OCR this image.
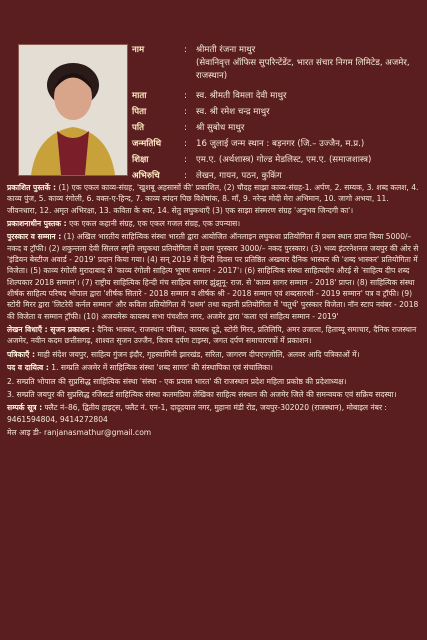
नाम	:	श्रीमती रंजना माथुर
(सेवानिवृत्त ऑफिस सुपरिन्टेंडेंट, भारत संचार निगम लिमिटेड, अजमेर, राजस्थान)
माता	:	स्व. श्रीमती विमला देवी माथुर
पिता	:	स्व. श्री रमेश चन्द्र माथुर
पति	:	श्री सुबोध माथुर
जन्मतिथि	:	16 जुलाई जन्म स्थान : बड़नगर (जि.– उज्जैन, म.प्र.)
शिक्षा	:	एम.ए. (अर्थशास्त्र) गोल्ड मेडलिस्ट, एम.ए. (समाजशास्त्र)
अभिरुचि	:	लेखन, गायन, पठन, कुकिंग

प्रकाशित पुस्तकें : (1) एक एकल काव्य-संग्रह, 'खुशबू अहसासों की' प्रकाशित, (2) चौदह साझा काव्य-संग्रह-1. अर्पण, 2. सम्यक, 3. शब्द कलश, 4. काव्य पुंज, 5. काव्य रंगोली, 6. वक्त-ए-हिन्द, 7. काव्य स्पंदन पिछ विशेषांक, 8. माँ, 9. नरेन्द्र मोदी मेरा अभिमान, 10. जागो अभया, 11. जीवनधारा, 12. अमृत अभिरक्षा, 13. कविता के स्वर, 14. सेतु लघुकथाएँ (3) एक साझा संस्मरण संग्रह 'अनुभव जिन्दगी का'।

प्रकाशनाधीन पुस्तक : एक एकल कहानी संग्रह, एक एकल गजल संग्रह, एक उपन्यास।

पुरस्कार व सम्मान : (1) अखिल भारतीय साहित्यिक संस्था भारती द्वारा आयोजित ऑनलाइन लघुकथा प्रतियोगिता में प्रथम स्थान प्राप्त किया 5000/– नकद व ट्रॉफी। (2) शकुन्तला देवी सिलल स्मृति लघुकथा प्रतियोगिता में प्रथम पुरस्कार 3000/– नकद पुरस्कार। (3) भव्य इंटरनेशनल जयपुर की ओर से 'इंडियन बेस्टीज अवार्ड - 2019' प्रदान किया गया। (4) सन् 2019 में हिन्दी दिवस पर प्रतिष्ठित अखबार दैनिक भास्कर की 'शब्द भास्कर' प्रतियोगिता में विजेता। (5) काव्य रंगोली मुरादाबाद से 'काव्य रंगोली साहित्य भूषण सम्मान - 2017'। (6) साहित्यिक संस्था साहित्यदीप औरई से 'साहित्य दीप शब्द शिल्पकार 2018 सम्मान'। (7) राष्ट्रीय साहित्यिक हिन्दी मंच साहित्य सागर झुंझुनू- राज. से 'काव्य सागर सम्मान - 2018' प्राप्त। (8) साहित्यिक संस्था शीर्षक साहित्य परिषद भोपाल द्वारा 'शीर्षक सितारे - 2018 सम्मान व शीर्षक श्री - 2018 सम्मान एवं शब्दसारथी - 2019 सम्मान' पत्र व ट्रॉफी। (9) स्टोरी मिरर द्वारा 'लिटरेरी कर्नल सम्मान' और कविता प्रतियोगिता में 'प्रथम' तथा कहानी प्रतियोगिता में 'चतुर्थ' पुरस्कार विजेता। नॉन स्टाप नवंबर - 2018 की विजेता व सम्मान ट्रॉफी। (10) अजयमेरू कायस्थ सभा पंचशील नगर, अजमेर द्वारा 'कला एवं साहित्य सम्मान - 2019'

लेखन विधाएँ : सृजन प्रकाशन : दैनिक भास्कर, राजस्थान पत्रिका, कायस्थ दूडे, स्टोरी मिरर, प्रतिलिपि, अमर उजाला, हिताय्यू समाचार, दैनिक राजस्थान अजमेर, नवीन कदम छत्तीसगढ़, शाश्वत सृजन उज्जैन, विजय दर्पण टाइम्स, जगत दर्पण समाचारपत्रों में प्रकाशन।

पत्रिकाएँ : माही संदेश जयपुर, साहित्य गुंजन इंदौर, गृहस्वामिनी झारखंड, सरिता, जागरण दीपएज्ज़ोलि, अलवर आदि पत्रिकाओं में।

पद व दायित्व : 1. सम्प्रति अजमेर में साहित्यिक संस्था 'शब्द सागर' की संस्थापिका एवं संचालिका।

2. सम्प्रति भोपाल की सुप्रसिद्ध साहित्यिक संस्था 'संस्था - एक प्रयास भारत' की राजस्थान प्रदेश महिला प्रकोष्ठ की प्रदेशाध्यक्ष।

3. सम्प्रति जयपुर की सुप्रसिद्ध रजिस्टर्ड साहित्यिक संस्था कलमप्रिया लेखिका साहित्य संस्थान की अजमेर जिले की समन्वयक एवं सक्रिय सदस्या।

सम्पर्क सूत्र : फ्लैट नं–86, द्वितीय हाइट्स, फ्लैट नं. एन-1, दादूदयाल नगर, मुहाना मंडी रोड, जयपुर-302020 (राजस्थान), मोबाइल नंबर : 9461594804, 9414272804

मेल आइ डी- ranjanasmathur@gmail.com
